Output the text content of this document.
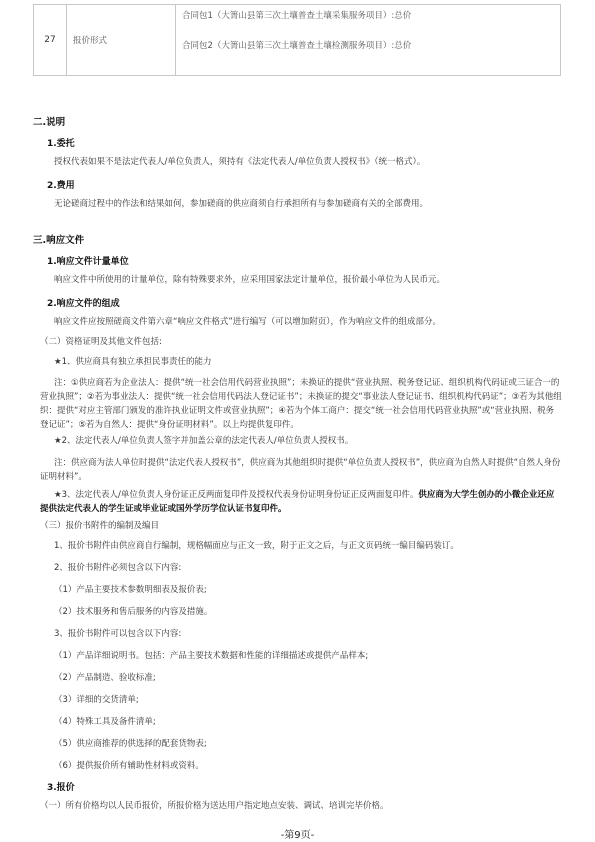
27	报价形式	
合同包1（大箐山县第三次土壤普查土壤采集服务项目）:总价
合同包2（大箐山县第三次土壤普查土壤检测服务项目）:总价
二.说明
1.委托
授权代表如果不是法定代表人/单位负责人，须持有《法定代表人/单位负责人授权书》（统一格式）。
2.费用
无论磋商过程中的作法和结果如何，参加磋商的供应商须自行承担所有与参加磋商有关的全部费用。
三.响应文件
1.响应文件计量单位
响应文件中所使用的计量单位，除有特殊要求外，应采用国家法定计量单位，报价最小单位为人民币元。
2.响应文件的组成
响应文件应按照磋商文件第六章“响应文件格式”进行编写（可以增加附页），作为响应文件的组成部分。
（二）资格证明及其他文件包括:
★1、供应商具有独立承担民事责任的能力
注：①供应商若为企业法人：提供“统一社会信用代码营业执照”；未换证的提供“营业执照、税务登记证、组织机构代码证或三证合一的营业执照”；②若为事业法人：提供“统一社会信用代码法人登记证书”；未换证的提交“事业法人登记证书、组织机构代码证”；③若为其他组织：提供“对应主管部门颁发的准许执业证明文件或营业执照”；④若为个体工商户：提交“统一社会信用代码营业执照”或“营业执照、税务登记证”；⑤若为自然人：提供“身份证明材料”。以上均提供复印件。
★2、法定代表人/单位负责人签字并加盖公章的法定代表人/单位负责人授权书。
注：供应商为法人单位时提供“法定代表人授权书”，供应商为其他组织时提供“单位负责人授权书”，供应商为自然人时提供“自然人身份证明材料”。
★3、法定代表人/单位负责人身份证正反两面复印件及授权代表身份证明身份证正反两面复印件。供应商为大学生创办的小微企业还应提供法定代表人的学生证或毕业证或国外学历学位认证书复印件。
（三）报价书附件的编制及编目
1、报价书附件由供应商自行编制，规格幅面应与正文一致，附于正文之后，与正文页码统一编目编码装订。
2、报价书附件必须包含以下内容:
（1）产品主要技术参数明细表及报价表;
（2）技术服务和售后服务的内容及措施。
3、报价书附件可以包含以下内容:
（1）产品详细说明书。包括：产品主要技术数据和性能的详细描述或提供产品样本;
（2）产品制造、验收标准;
（3）详细的交货清单;
（4）特殊工具及备件清单;
（5）供应商推荐的供选择的配套货物表;
（6）提供报价所有辅助性材料或资料。
3.报价
（一）所有价格均以人民币报价，所报价格为送达用户指定地点安装、调试、培训完毕价格。
-第9页-
